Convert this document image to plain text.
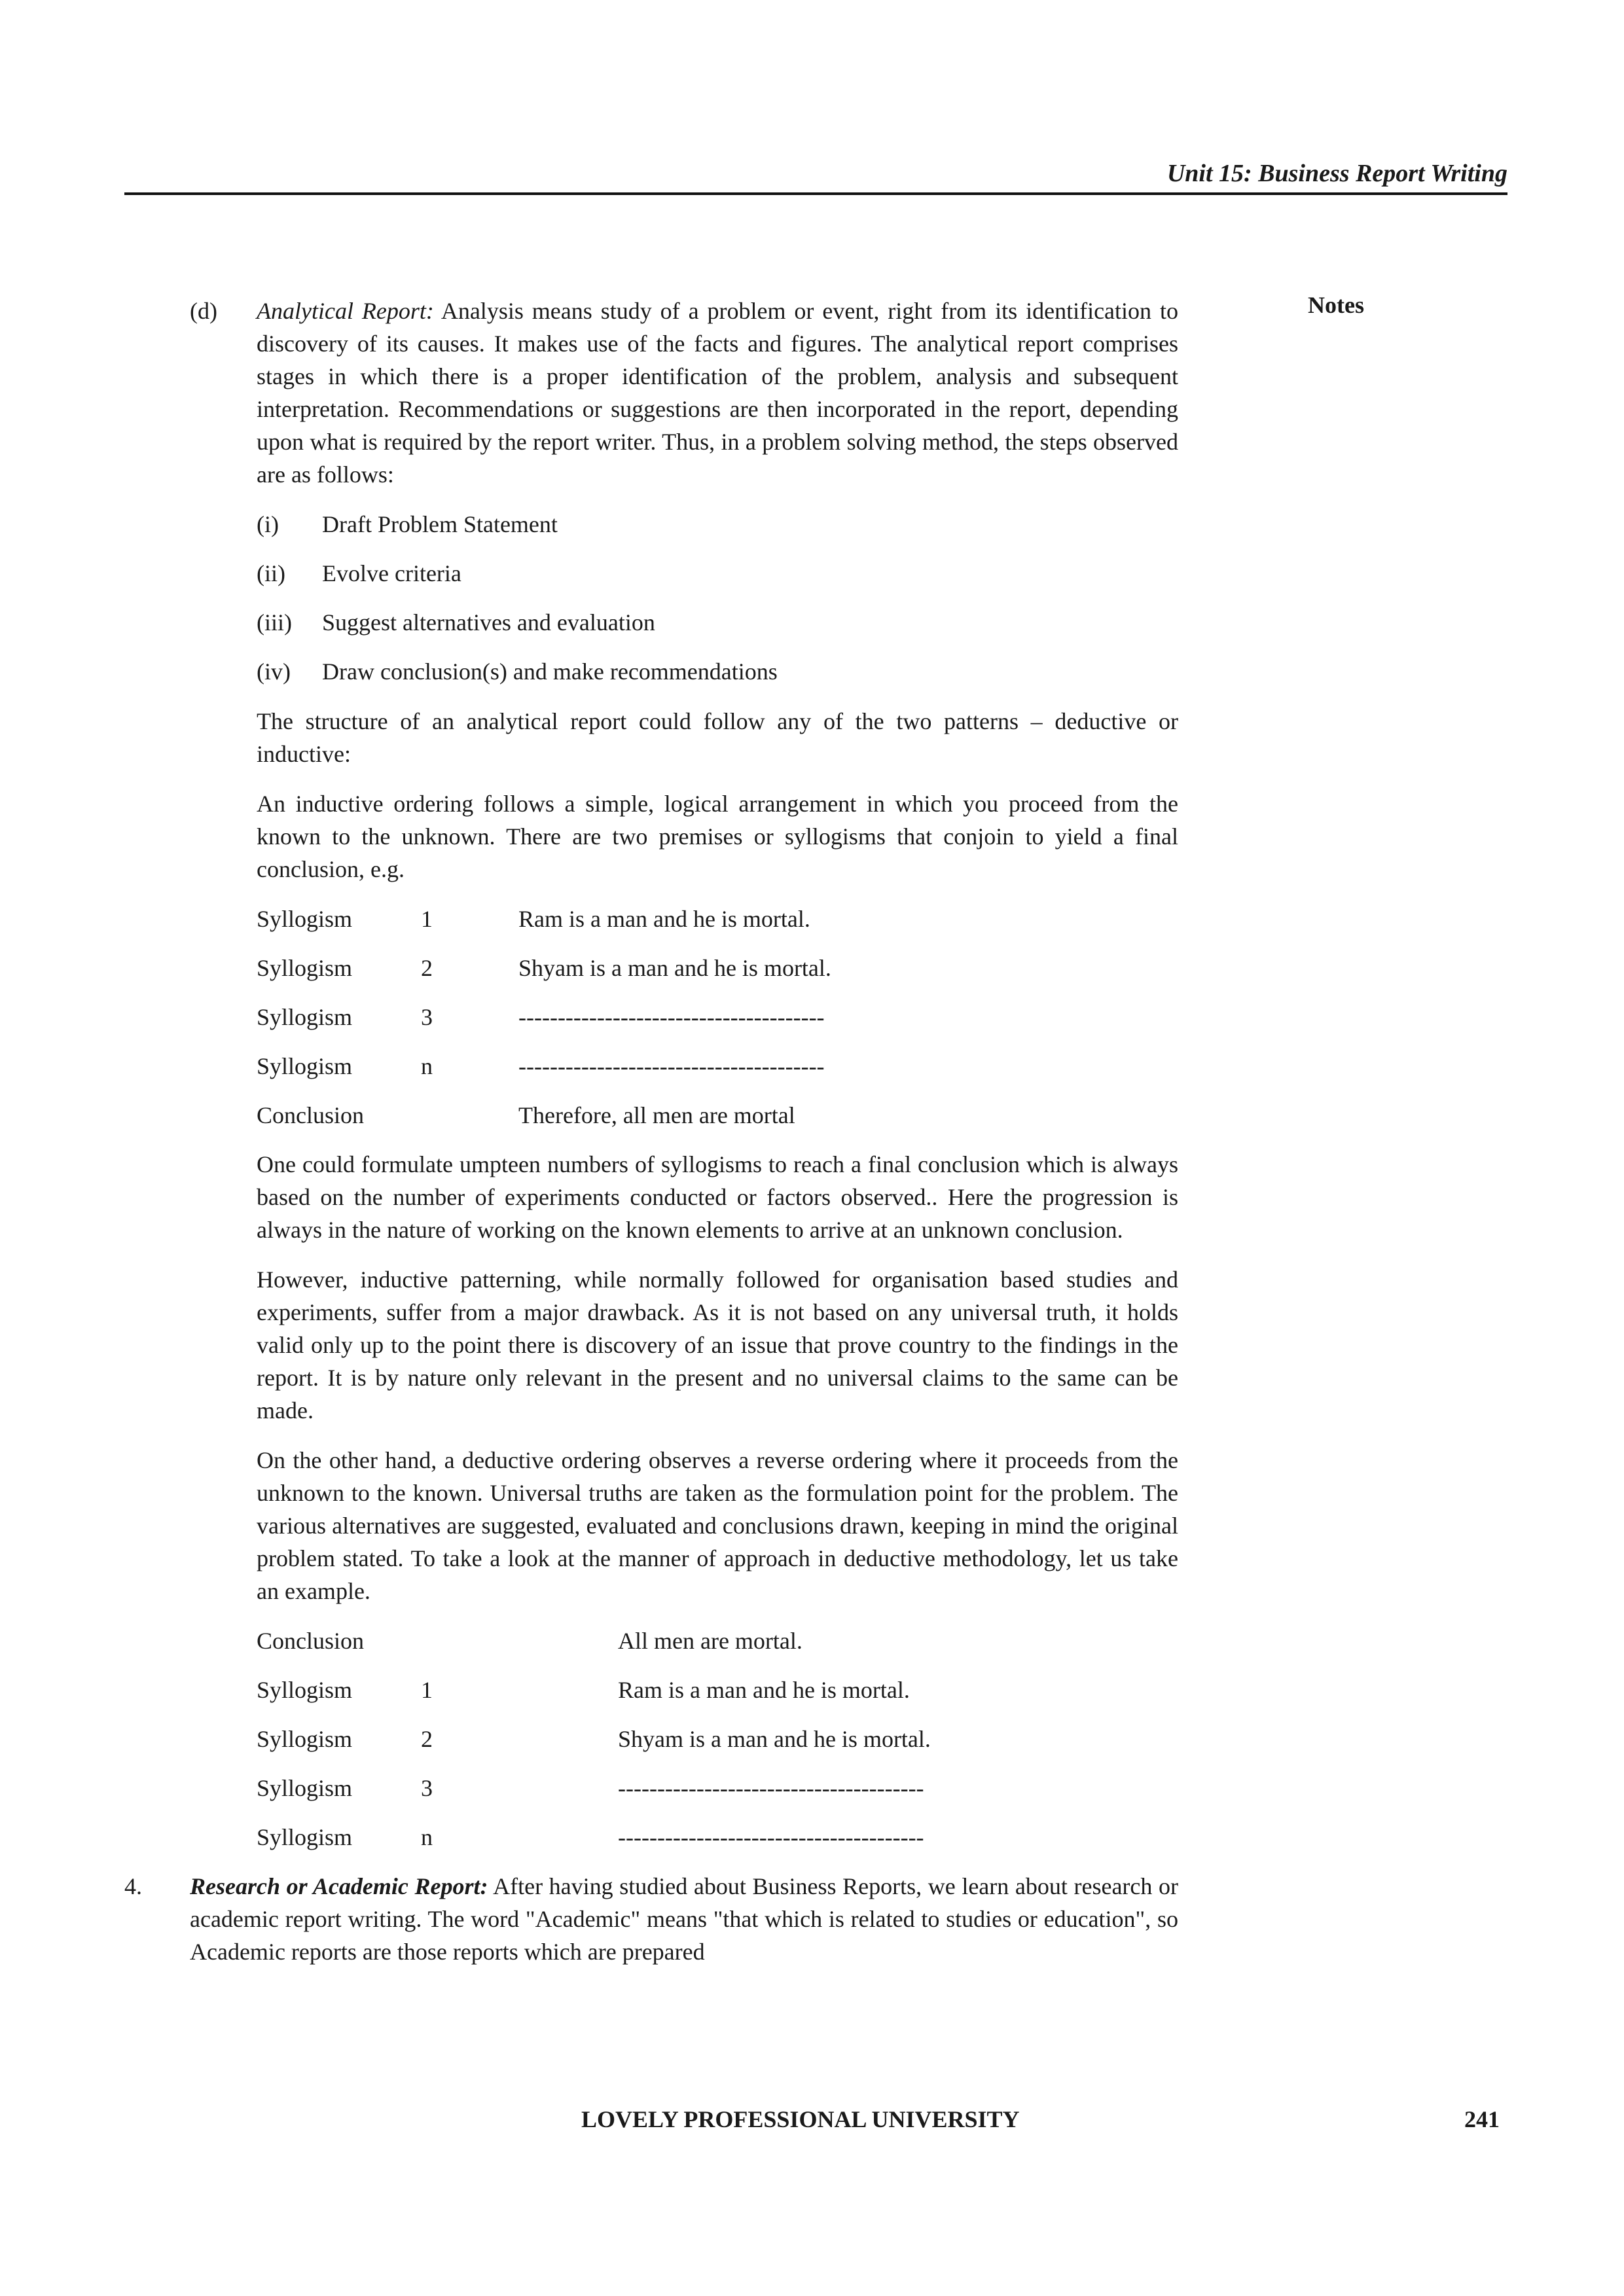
Unit 15: Business Report Writing
Notes

(d) Analytical Report: Analysis means study of a problem or event, right from its identification to discovery of its causes. It makes use of the facts and figures. The analytical report comprises stages in which there is a proper identification of the problem, analysis and subsequent interpretation. Recommendations or suggestions are then incorporated in the report, depending upon what is required by the report writer. Thus, in a problem solving method, the steps observed are as follows:

(i) Draft Problem Statement
(ii) Evolve criteria
(iii) Suggest alternatives and evaluation
(iv) Draw conclusion(s) and make recommendations

The structure of an analytical report could follow any of the two patterns – deductive or inductive:

An inductive ordering follows a simple, logical arrangement in which you proceed from the known to the unknown. There are two premises or syllogisms that conjoin to yield a final conclusion, e.g.

Syllogism	1	Ram is a man and he is mortal.
Syllogism	2	Shyam is a man and he is mortal.
Syllogism	3	---------------------------------------
Syllogism	n	---------------------------------------
Conclusion	Therefore, all men are mortal

One could formulate umpteen numbers of syllogisms to reach a final conclusion which is always based on the number of experiments conducted or factors observed.. Here the progression is always in the nature of working on the known elements to arrive at an unknown conclusion.

However, inductive patterning, while normally followed for organisation based studies and experiments, suffer from a major drawback. As it is not based on any universal truth, it holds valid only up to the point there is discovery of an issue that prove country to the findings in the report. It is by nature only relevant in the present and no universal claims to the same can be made.

On the other hand, a deductive ordering observes a reverse ordering where it proceeds from the unknown to the known. Universal truths are taken as the formulation point for the problem. The various alternatives are suggested, evaluated and conclusions drawn, keeping in mind the original problem stated. To take a look at the manner of approach in deductive methodology, let us take an example.

Conclusion	All men are mortal.
Syllogism	1	Ram is a man and he is mortal.
Syllogism	2	Shyam is a man and he is mortal.
Syllogism	3	---------------------------------------
Syllogism	n	---------------------------------------

4. Research or Academic Report: After having studied about Business Reports, we learn about research or academic report writing. The word "Academic" means "that which is related to studies or education", so Academic reports are those reports which are prepared

LOVELY PROFESSIONAL UNIVERSITY	241
